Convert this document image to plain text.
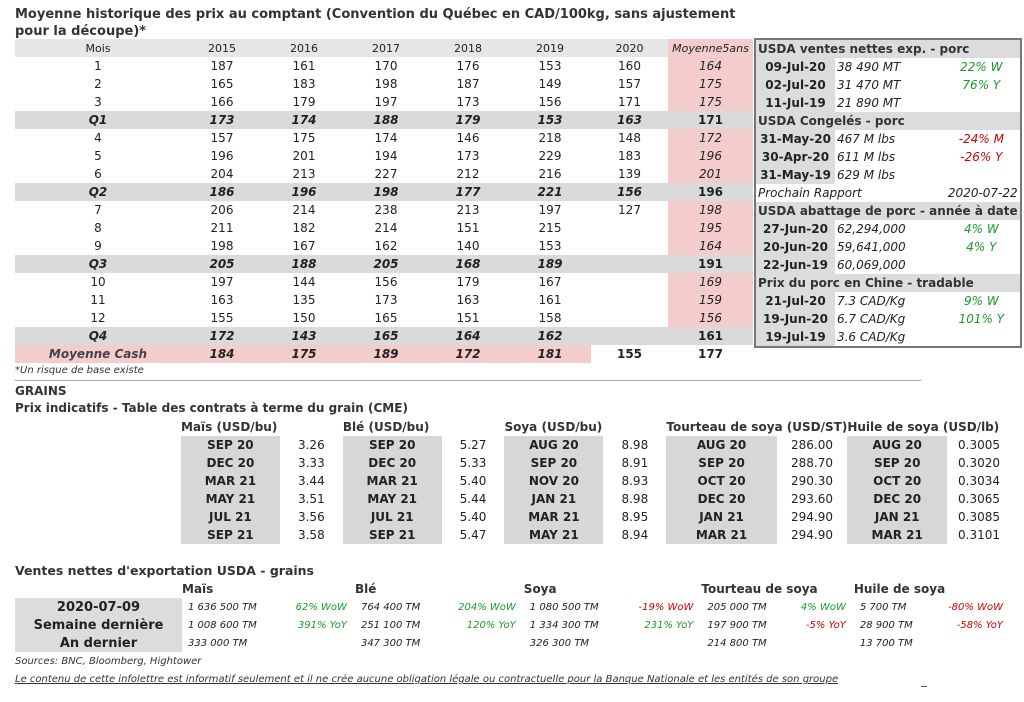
Moyenne historique des prix au comptant (Convention du Québec en CAD/100kg, sans ajustement pour la découpe)*
Mois	2015	2016	2017	2018	2019	2020	Moyenne5ans
1	187	161	170	176	153	160	164
2	165	183	198	187	149	157	175
3	166	179	197	173	156	171	175
Q1	173	174	188	179	153	163	171
4	157	175	174	146	218	148	172
5	196	201	194	173	229	183	196
6	204	213	227	212	216	139	201
Q2	186	196	198	177	221	156	196
7	206	214	238	213	197	127	198
8	211	182	214	151	215		195
9	198	167	162	140	153		164
Q3	205	188	205	168	189		191
10	197	144	156	179	167		169
11	163	135	173	163	161		159
12	155	150	165	151	158		156
Q4	172	143	165	164	162		161
Moyenne Cash	184	175	189	172	181	155	177
USDA ventes nettes exp. - porc		
09-Jul-20	38 490 MT	22% W
02-Jul-20	31 470 MT	76% Y
11-Jul-19	21 890 MT	
USDA Congelés - porc		
31-May-20	467 M lbs	-24% M
30-Apr-20	611 M lbs	-26% Y
31-May-19	629 M lbs	
Prochain Rapport		2020-07-22
USDA abattage de porc - année à date		
27-Jun-20	62,294,000	4% W
20-Jun-20	59,641,000	4% Y
22-Jun-19	60,069,000	
Prix du porc en Chine - tradable		
21-Jul-20	7.3 CAD/Kg	9% W
19-Jun-20	6.7 CAD/Kg	101% Y
19-Jul-19	3.6 CAD/Kg	
*Un risque de base existe
GRAINS
Prix indicatifs - Table des contrats à terme du grain (CME)
Maïs (USD/bu)		Blé (USD/bu)		Soya (USD/bu)		Tourteau de soya (USD/ST)		Huile de soya (USD/lb)	
SEP 20	3.26	SEP 20	5.27	AUG 20	8.98	AUG 20	286.00	AUG 20	0.3005
DEC 20	3.33	DEC 20	5.33	SEP 20	8.91	SEP 20	288.70	SEP 20	0.3020
MAR 21	3.44	MAR 21	5.40	NOV 20	8.93	OCT 20	290.30	OCT 20	0.3034
MAY 21	3.51	MAY 21	5.44	JAN 21	8.98	DEC 20	293.60	DEC 20	0.3065
JUL 21	3.56	JUL 21	5.40	MAR 21	8.95	JAN 21	294.90	JAN 21	0.3085
SEP 21	3.58	SEP 21	5.47	MAY 21	8.94	MAR 21	294.90	MAR 21	0.3101
Ventes nettes d'exportation USDA - grains
	Maïs		Blé		Soya		Tourteau de soya		Huile de soya	
2020-07-09	1 636 500 TM	62% WoW	764 400 TM	204% WoW	1 080 500 TM	-19% WoW	205 000 TM	4% WoW	5 700 TM	-80% WoW
Semaine dernière	1 008 600 TM	391% YoY	251 100 TM	120% YoY	1 334 300 TM	231% YoY	197 900 TM	-5% YoY	28 900 TM	-58% YoY
An dernier	333 000 TM		347 300 TM		326 300 TM		214 800 TM		13 700 TM	
Sources: BNC, Bloomberg, Hightower
Le contenu de cette infolettre est informatif seulement et il ne crée aucune obligation légale ou contractuelle pour la Banque Nationale et les entités de son groupe
